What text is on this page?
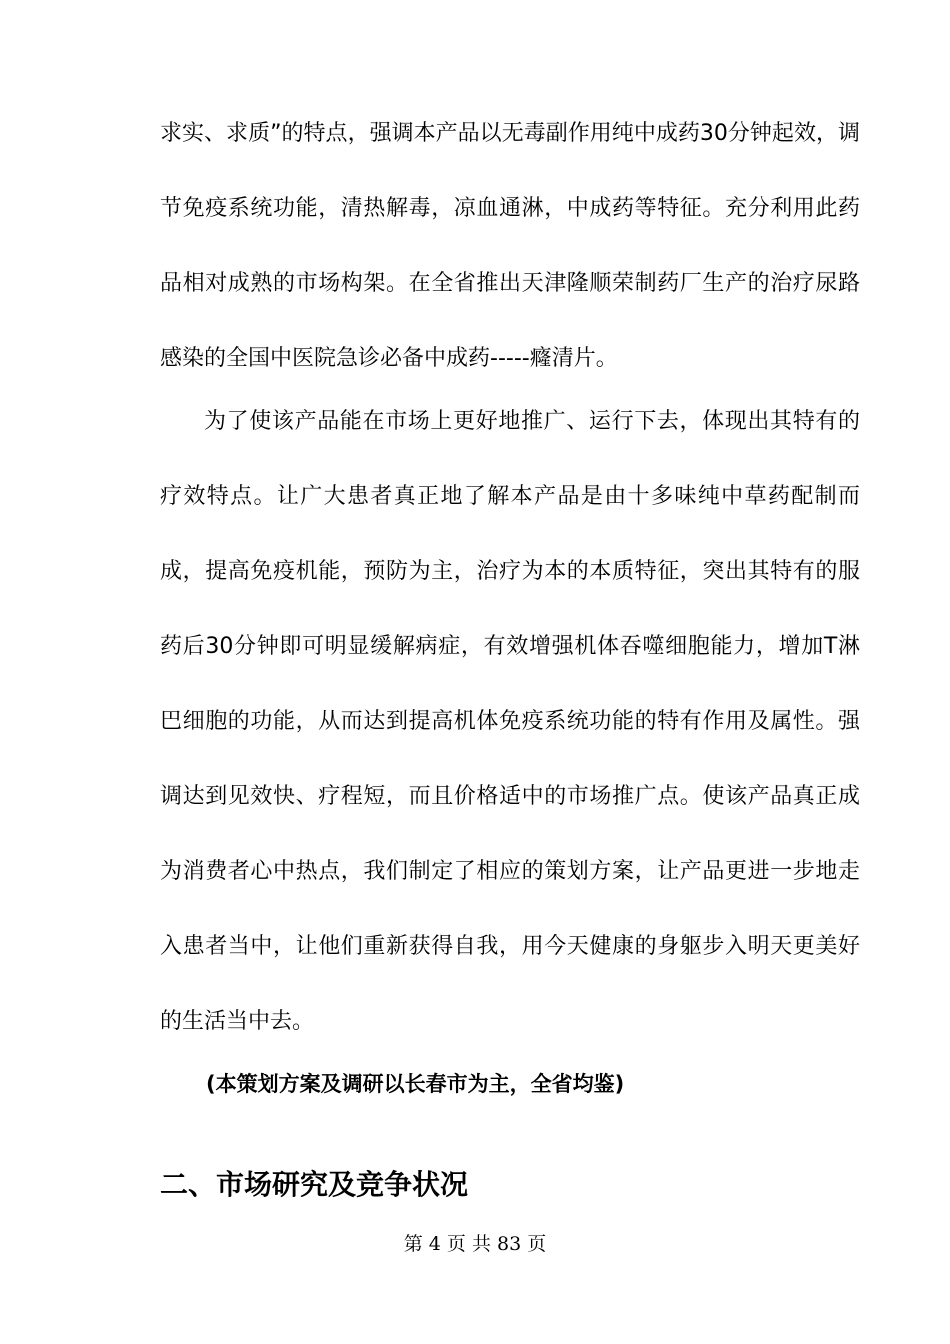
求实、求质”的特点，强调本产品以无毒副作用纯中成药30分钟起效，调节免疫系统功能，清热解毒，凉血通淋，中成药等特征。充分利用此药品相对成熟的市场构架。在全省推出天津隆顺荣制药厂生产的治疗尿路感染的全国中医院急诊必备中成药-----癃清片。

为了使该产品能在市场上更好地推广、运行下去，体现出其特有的疗效特点。让广大患者真正地了解本产品是由十多味纯中草药配制而成，提高免疫机能，预防为主，治疗为本的本质特征，突出其特有的服药后30分钟即可明显缓解病症，有效增强机体吞噬细胞能力，增加T淋巴细胞的功能，从而达到提高机体免疫系统功能的特有作用及属性。强调达到见效快、疗程短，而且价格适中的市场推广点。使该产品真正成为消费者心中热点，我们制定了相应的策划方案，让产品更进一步地走入患者当中，让他们重新获得自我，用今天健康的身躯步入明天更美好的生活当中去。

(本策划方案及调研以长春市为主，全省均鉴)

二、市场研究及竞争状况
第 4 页 共 83 页
